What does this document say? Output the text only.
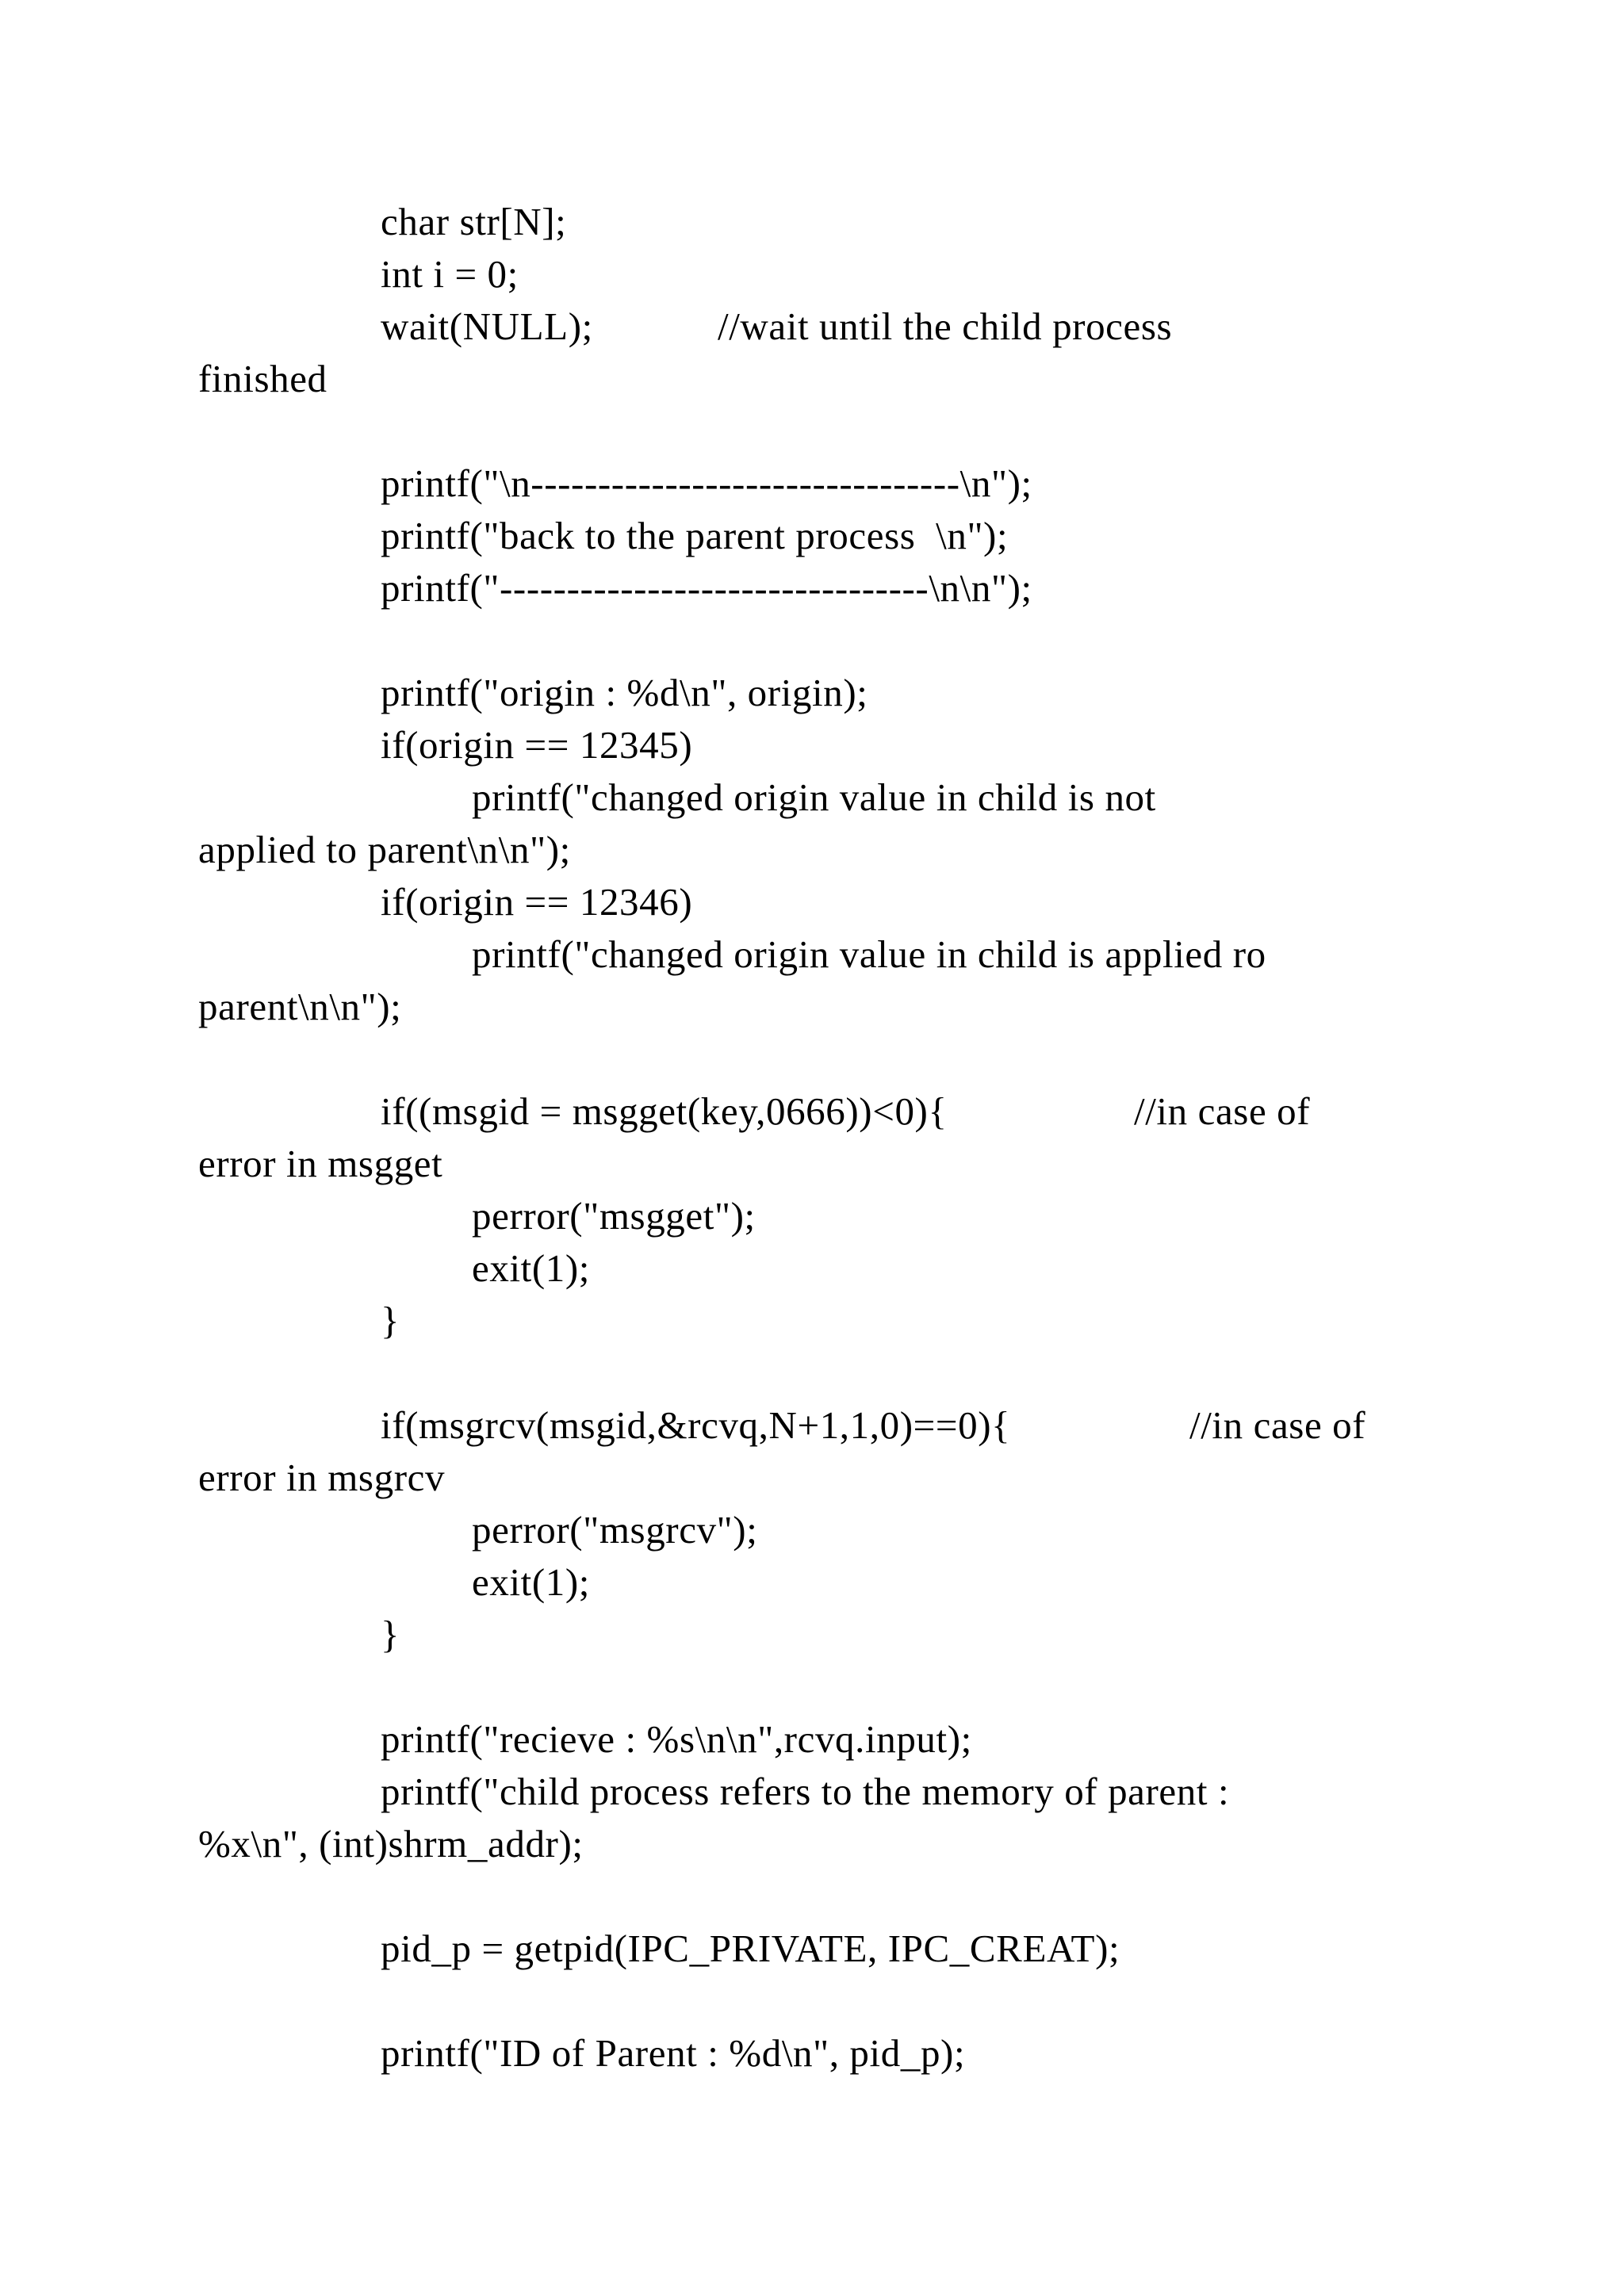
char str[N];
int i = 0;
wait(NULL);	//wait until the child process
finished
printf("\n--------------------------------\n");
printf("back to the parent process  \n");
printf("--------------------------------\n\n");
printf("origin : %d\n", origin);
if(origin == 12345)
printf("changed origin value in child is not
applied to parent\n\n");
if(origin == 12346)
printf("changed origin value in child is applied ro
parent\n\n");
if((msgid = msgget(key,0666))<0){	//in case of
error in msgget
perror("msgget");
exit(1);
}
if(msgrcv(msgid,&rcvq,N+1,1,0)==0){	//in case of
error in msgrcv
perror("msgrcv");
exit(1);
}
printf("recieve : %s\n\n",rcvq.input);
printf("child process refers to the memory of parent :
%x\n", (int)shrm_addr);
pid_p = getpid(IPC_PRIVATE, IPC_CREAT);
printf("ID of Parent : %d\n", pid_p);
